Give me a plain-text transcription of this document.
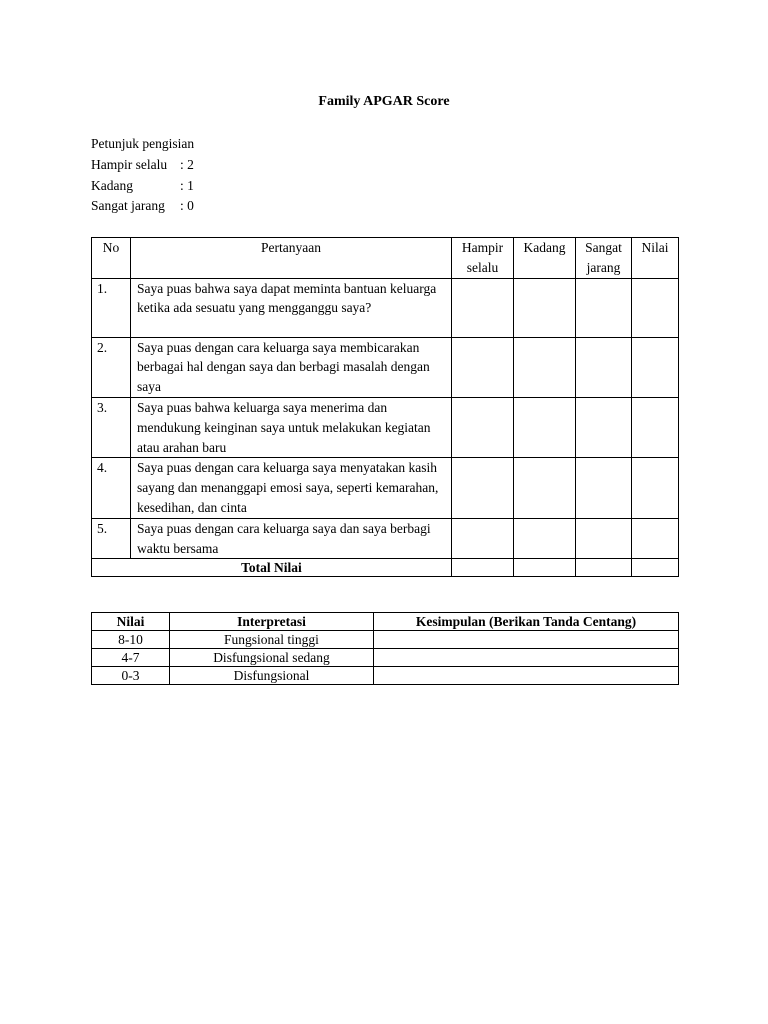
Family APGAR Score
Petunjuk pengisian
Hampir selalu : 2
Kadang	: 1
Sangat jarang : 0
No	Pertanyaan	Hampir selalu	Kadang	Sangat jarang	Nilai
1.	Saya puas bahwa saya dapat meminta bantuan keluarga ketika ada sesuatu yang mengganggu saya?				
2.	Saya puas dengan cara keluarga saya membicarakan berbagai hal dengan saya dan berbagi masalah dengan saya				
3.	Saya puas bahwa keluarga saya menerima dan mendukung keinginan saya untuk melakukan kegiatan atau arahan baru				
4.	Saya puas dengan cara keluarga saya menyatakan kasih sayang dan menanggapi emosi saya, seperti kemarahan, kesedihan, dan cinta				
5.	Saya puas dengan cara keluarga saya dan saya berbagi waktu bersama				
Total Nilai					
Nilai	Interpretasi	Kesimpulan (Berikan Tanda Centang)
8-10	Fungsional tinggi	
4-7	Disfungsional sedang	
0-3	Disfungsional	
